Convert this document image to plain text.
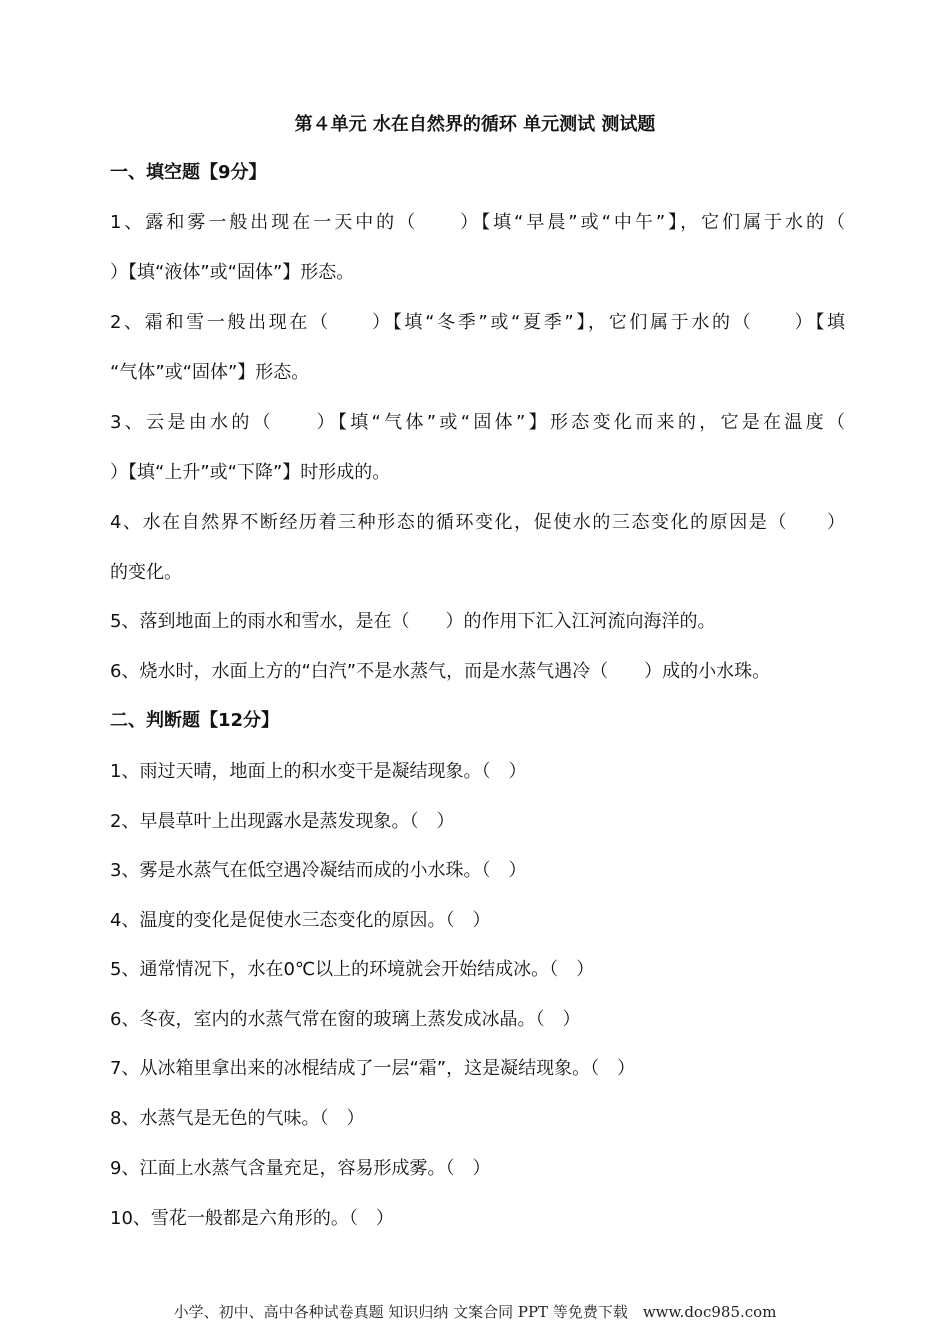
第４单元 水在自然界的循环 单元测试 测试题
一、填空题【9分】
1、露和雾一般出现在一天中的（　　）【填“早晨”或“中午”】，它们属于水的（
）【填“液体”或“固体”】形态。
2、霜和雪一般出现在（　　）【填“冬季”或“夏季”】，它们属于水的（　　）【填
“气体”或“固体”】形态。
3、云是由水的（　　）【填“气体”或“固体”】形态变化而来的，它是在温度（
）【填“上升”或“下降”】时形成的。
4、水在自然界不断经历着三种形态的循环变化，促使水的三态变化的原因是（　　）
的变化。
5、落到地面上的雨水和雪水，是在（　　）的作用下汇入江河流向海洋的。
6、烧水时，水面上方的“白汽”不是水蒸气，而是水蒸气遇冷（　　）成的小水珠。
二、判断题【12分】
1、雨过天晴，地面上的积水变干是凝结现象。（　）
2、早晨草叶上出现露水是蒸发现象。（　）
3、雾是水蒸气在低空遇冷凝结而成的小水珠。（　）
4、温度的变化是促使水三态变化的原因。（　）
5、通常情况下，水在0℃以上的环境就会开始结成冰。（　）
6、冬夜，室内的水蒸气常在窗的玻璃上蒸发成冰晶。（　）
7、从冰箱里拿出来的冰棍结成了一层“霜”，这是凝结现象。（　）
8、水蒸气是无色的气味。（　）
9、江面上水蒸气含量充足，容易形成雾。（　）
10、雪花一般都是六角形的。（　）
小学、初中、高中各种试卷真题 知识归纳 文案合同 PPT 等免费下载　www.doc985.com
